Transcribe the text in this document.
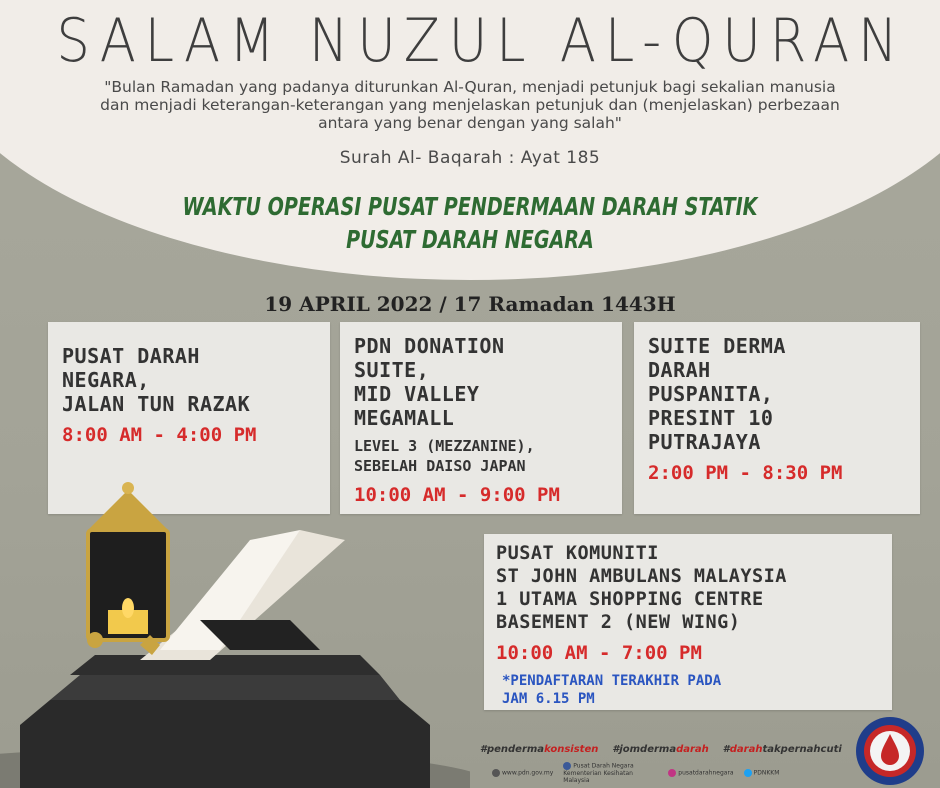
SALAM NUZUL AL-QURAN
"Bulan Ramadan yang padanya diturunkan Al-Quran, menjadi petunjuk bagi sekalian manusia dan menjadi keterangan-keterangan yang menjelaskan petunjuk dan (menjelaskan) perbezaan antara yang benar dengan yang salah"
Surah Al- Baqarah : Ayat 185
WAKTU OPERASI PUSAT PENDERMAAN DARAH STATIK
PUSAT DARAH NEGARA
19 APRIL 2022 / 17 Ramadan 1443H
PUSAT DARAH
NEGARA,
JALAN TUN RAZAK
8:00 AM - 4:00 PM
PDN DONATION
SUITE,
MID VALLEY
MEGAMALL
LEVEL 3 (MEZZANINE),
SEBELAH DAISO JAPAN
10:00 AM - 9:00 PM
SUITE DERMA
DARAH
PUSPANITA,
PRESINT 10
PUTRAJAYA
2:00 PM - 8:30 PM
PUSAT KOMUNITI
ST JOHN AMBULANS MALAYSIA
1 UTAMA SHOPPING CENTRE
BASEMENT 2 (NEW WING)
10:00 AM - 7:00 PM
*PENDAFTARAN TERAKHIR PADA
JAM 6.15 PM
#pendermakonsisten #jomdermadarah #darahtakpernahcuti
www.pdn.gov.my
Pusat Darah Negara Kementerian Kesihatan Malaysia
pusatdarahnegara	PDNKKM
